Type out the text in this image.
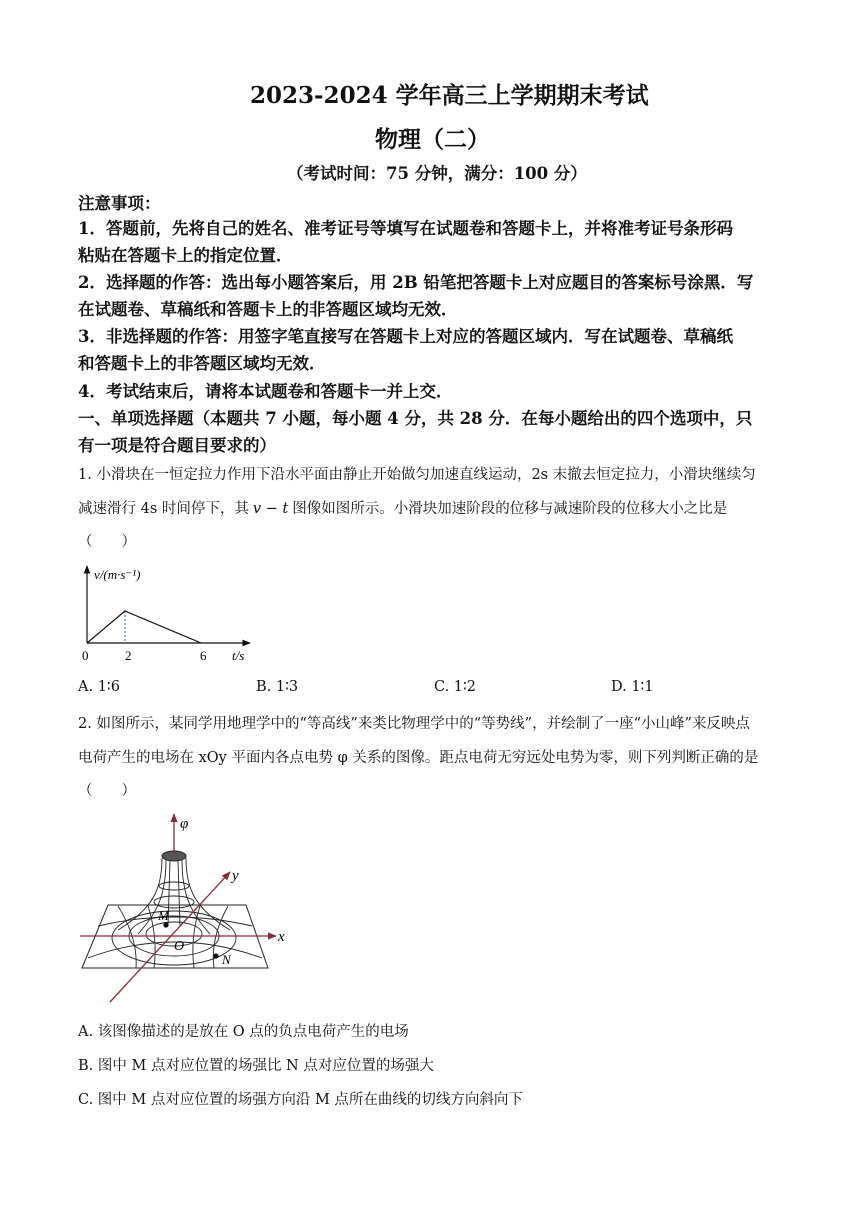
2023-2024 学年高三上学期期末考试
物理（二）
（考试时间：75 分钟，满分：100 分）
注意事项：
1．答题前，先将自己的姓名、准考证号等填写在试题卷和答题卡上，并将准考证号条形码
粘贴在答题卡上的指定位置．
2．选择题的作答：选出每小题答案后，用 2B 铅笔把答题卡上对应题目的答案标号涂黑．写
在试题卷、草稿纸和答题卡上的非答题区域均无效．
3．非选择题的作答：用签字笔直接写在答题卡上对应的答题区域内．写在试题卷、草稿纸
和答题卡上的非答题区域均无效．
4．考试结束后，请将本试题卷和答题卡一并上交．
一、单项选择题（本题共 7 小题，每小题 4 分，共 28 分．在每小题给出的四个选项中，只
有一项是符合题目要求的）
1. 小滑块在一恒定拉力作用下沿水平面由静止开始做匀加速直线运动，2s 末撤去恒定拉力，小滑块继续匀
减速滑行 4s 时间停下，其 v − t 图像如图所示。小滑块加速阶段的位移与减速阶段的位移大小之比是
（　　）
v/(m·s⁻¹)
0	2	6 t/s
A. 1∶6	B. 1∶3	C. 1∶2	D. 1∶1
2. 如图所示，某同学用地理学中的“等高线”来类比物理学中的“等势线”，并绘制了一座“小山峰”来反映点
电荷产生的电场在 xOy 平面内各点电势 φ 关系的图像。距点电荷无穷远处电势为零，则下列判断正确的是
（　　）
φ
y
x
O
M
N
A. 该图像描述的是放在 O 点的负点电荷产生的电场
B. 图中 M 点对应位置的场强比 N 点对应位置的场强大
C. 图中 M 点对应位置的场强方向沿 M 点所在曲线的切线方向斜向下
